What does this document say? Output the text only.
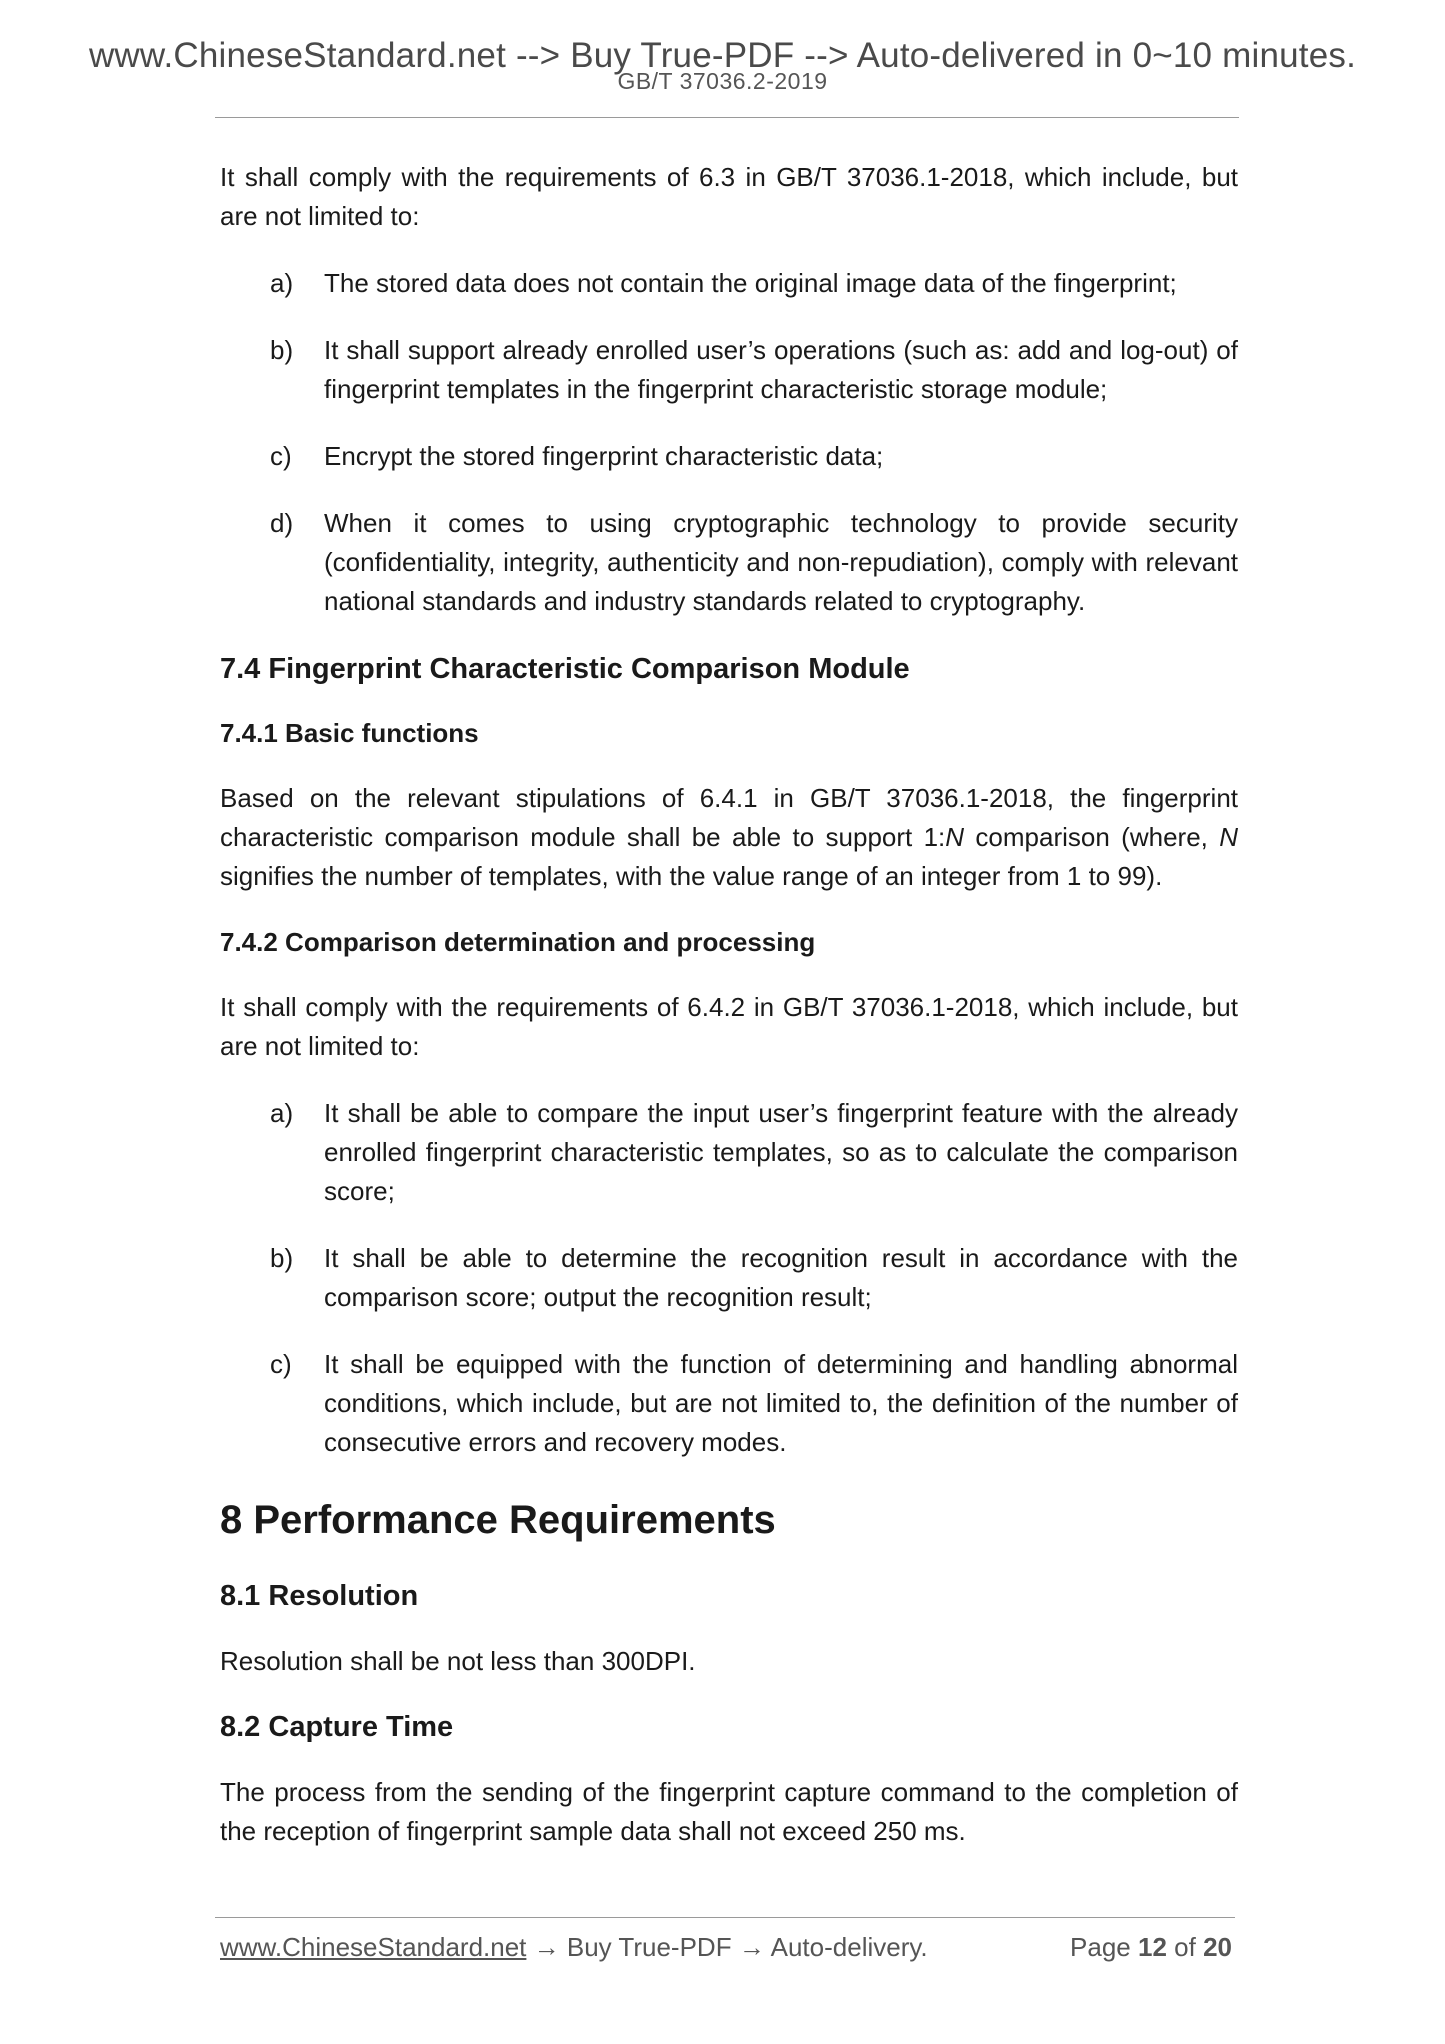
www.ChineseStandard.net --> Buy True-PDF --> Auto-delivered in 0~10 minutes.
GB/T 37036.2-2019

It shall comply with the requirements of 6.3 in GB/T 37036.1-2018, which include, but are not limited to:

a) The stored data does not contain the original image data of the fingerprint;
b) It shall support already enrolled user’s operations (such as: add and log-out) of fingerprint templates in the fingerprint characteristic storage module;
c) Encrypt the stored fingerprint characteristic data;
d) When it comes to using cryptographic technology to provide security (confidentiality, integrity, authenticity and non-repudiation), comply with relevant national standards and industry standards related to cryptography.
7.4 Fingerprint Characteristic Comparison Module
7.4.1 Basic functions

Based on the relevant stipulations of 6.4.1 in GB/T 37036.1-2018, the fingerprint characteristic comparison module shall be able to support 1:N comparison (where, N signifies the number of templates, with the value range of an integer from 1 to 99).

7.4.2 Comparison determination and processing

It shall comply with the requirements of 6.4.2 in GB/T 37036.1-2018, which include, but are not limited to:

a) It shall be able to compare the input user’s fingerprint feature with the already enrolled fingerprint characteristic templates, so as to calculate the comparison score;
b) It shall be able to determine the recognition result in accordance with the comparison score; output the recognition result;
c) It shall be equipped with the function of determining and handling abnormal conditions, which include, but are not limited to, the definition of the number of consecutive errors and recovery modes.
8 Performance Requirements
8.1 Resolution

Resolution shall be not less than 300DPI.

8.2 Capture Time

The process from the sending of the fingerprint capture command to the completion of the reception of fingerprint sample data shall not exceed 250 ms.

www.ChineseStandard.net → Buy True-PDF → Auto-delivery.	Page 12 of 20
